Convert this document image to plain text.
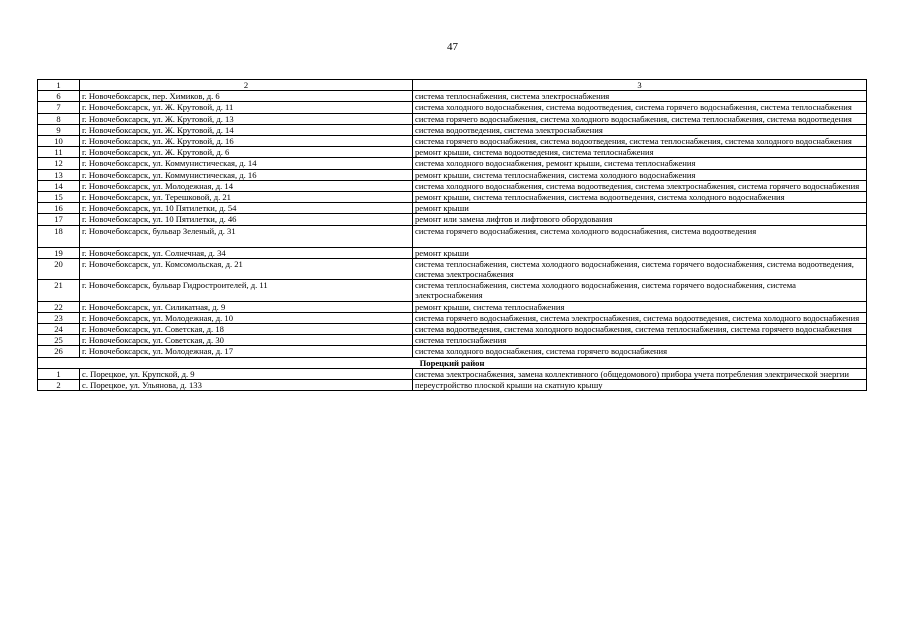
47
1	2	3
6	г. Новочебоксарск, пер. Химиков, д. 6	система теплоснабжения, система электроснабжения
7	г. Новочебоксарск, ул. Ж. Крутовой, д. 11	система холодного водоснабжения, система водоотведения, система горячего водоснабжения, система теплоснабжения
8	г. Новочебоксарск, ул. Ж. Крутовой, д. 13	система горячего водоснабжения, система холодного водоснабжения, система теплоснабжения, система водоотведения
9	г. Новочебоксарск, ул. Ж. Крутовой, д. 14	система водоотведения, система электроснабжения
10	г. Новочебоксарск, ул. Ж. Крутовой, д. 16	система горячего водоснабжения, система водоотведения, система теплоснабжения, система холодного водоснабжения
11	г. Новочебоксарск, ул. Ж. Крутовой, д. 6	ремонт крыши, система водоотведения, система теплоснабжения
12	г. Новочебоксарск, ул. Коммунистическая, д. 14	система холодного водоснабжения, ремонт крыши, система теплоснабжения
13	г. Новочебоксарск, ул. Коммунистическая, д. 16	ремонт крыши, система теплоснабжения, система холодного водоснабжения
14	г. Новочебоксарск, ул. Молодежная, д. 14	система холодного водоснабжения, система водоотведения, система электроснабжения, система горячего водоснабжения
15	г. Новочебоксарск, ул. Терешковой, д. 21	ремонт крыши, система теплоснабжения, система водоотведения, система холодного водоснабжения
16	г. Новочебоксарск, ул. 10 Пятилетки, д. 54	ремонт крыши
17	г. Новочебоксарск, ул. 10 Пятилетки, д. 46	ремонт или замена лифтов и лифтового оборудования
18	г. Новочебоксарск, бульвар Зеленый, д. 31	система горячего водоснабжения, система холодного водоснабжения, система водоотведения
19	г. Новочебоксарск, ул. Солнечная, д. 34	ремонт крыши
20	г. Новочебоксарск, ул. Комсомольская, д. 21	система теплоснабжения, система холодного водоснабжения, система горячего водоснабжения, система водоотведения, система электроснабжения
21	г. Новочебоксарск, бульвар Гидростроителей, д. 11	система теплоснабжения, система холодного водоснабжения, система горячего водоснабжения, система электроснабжения
22	г. Новочебоксарск, ул. Силикатная, д. 9	ремонт крыши, система теплоснабжения
23	г. Новочебоксарск, ул. Молодежная, д. 10	система горячего водоснабжения, система электроснабжения, система водоотведения, система холодного водоснабжения
24	г. Новочебоксарск, ул. Советская, д. 18	система водоотведения, система холодного водоснабжения, система теплоснабжения, система горячего водоснабжения
25	г. Новочебоксарск, ул. Советская, д. 30	система теплоснабжения
26	г. Новочебоксарск, ул. Молодежная, д. 17	система холодного водоснабжения, система горячего водоснабжения
Порецкий район		
1	с. Порецкое, ул. Крупской, д. 9	система электроснабжения, замена коллективного (общедомового) прибора учета потребления электрической энергии
2	с. Порецкое, ул. Ульянова, д. 133	переустройство плоской крыши на скатную крышу
